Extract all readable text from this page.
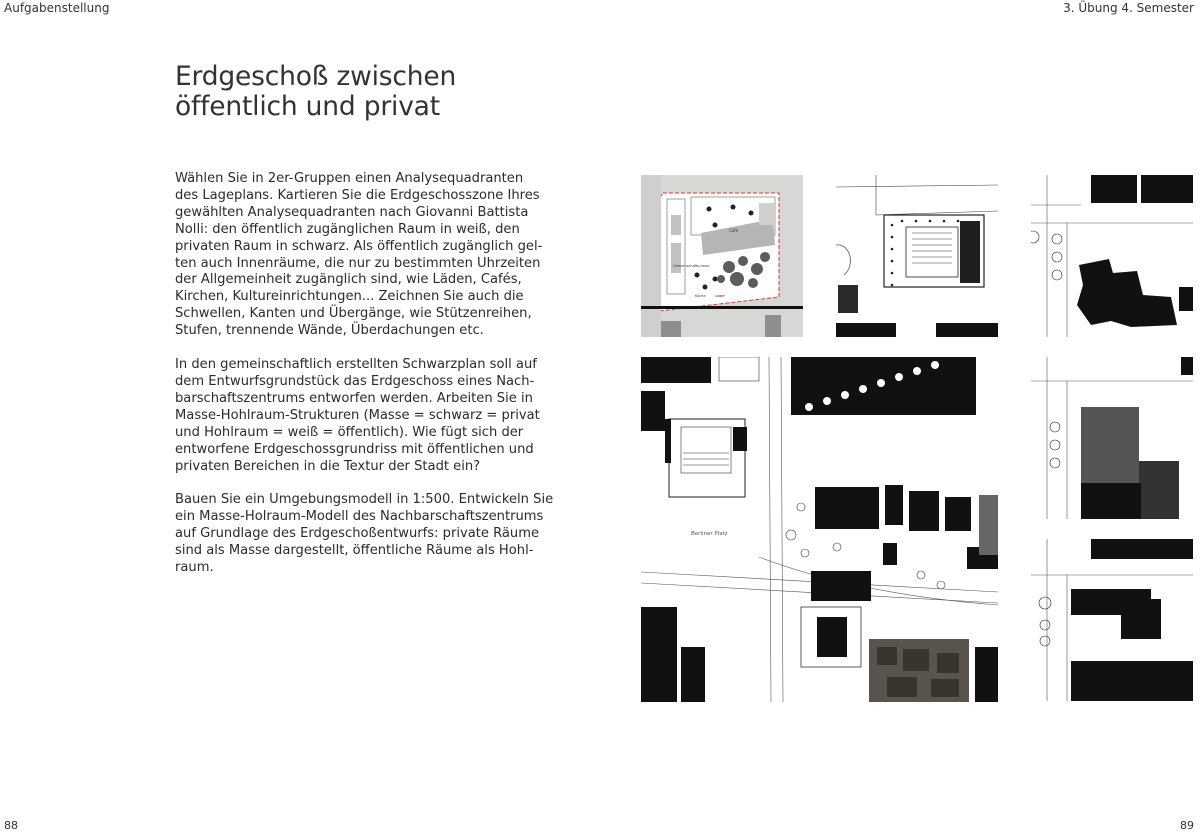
Aufgabenstellung	3. Übung 4. Semester
Erdgeschoß zwischen
öffentlich und privat

Wählen Sie in 2er-Gruppen einen Analysequadranten
des Lageplans. Kartieren Sie die Erdgeschosszone Ihres
gewählten Analysequadranten nach Giovanni Battista
Nolli: den öffentlich zugänglichen Raum in weiß, den
privaten Raum in schwarz. Als öffentlich zugänglich gel-
ten auch Innenräume, die nur zu bestimmten Uhrzeiten
der Allgemeinheit zugänglich sind, wie Läden, Cafés,
Kirchen, Kultureinrichtungen... Zeichnen Sie auch die
Schwellen, Kanten und Übergänge, wie Stützenreihen,
Stufen, trennende Wände, Überdachungen etc.

In den gemeinschaftlich erstellten Schwarzplan soll auf
dem Entwurfsgrundstück das Erdgeschoss eines Nach-
barschaftszentrums entworfen werden. Arbeiten Sie in
Masse-Hohlraum-Strukturen (Masse = schwarz = privat
und Hohlraum = weiß = öffentlich). Wie fügt sich der
entworfene Erdgeschossgrundriss mit öffentlichen und
privaten Bereichen in die Textur der Stadt ein?

Bauen Sie ein Umgebungsmodell in 1:500. Entwickeln Sie
ein Masse-Holraum-Modell des Nachbarschaftszentrums
auf Grundlage des Erdgeschoßentwurfs: private Räume
sind als Masse dargestellt, öffentliche Räume als Hohl-
raum.

Café
Gemeinschafts-raum
Küche	Lager
Berliner Platz
88	89
